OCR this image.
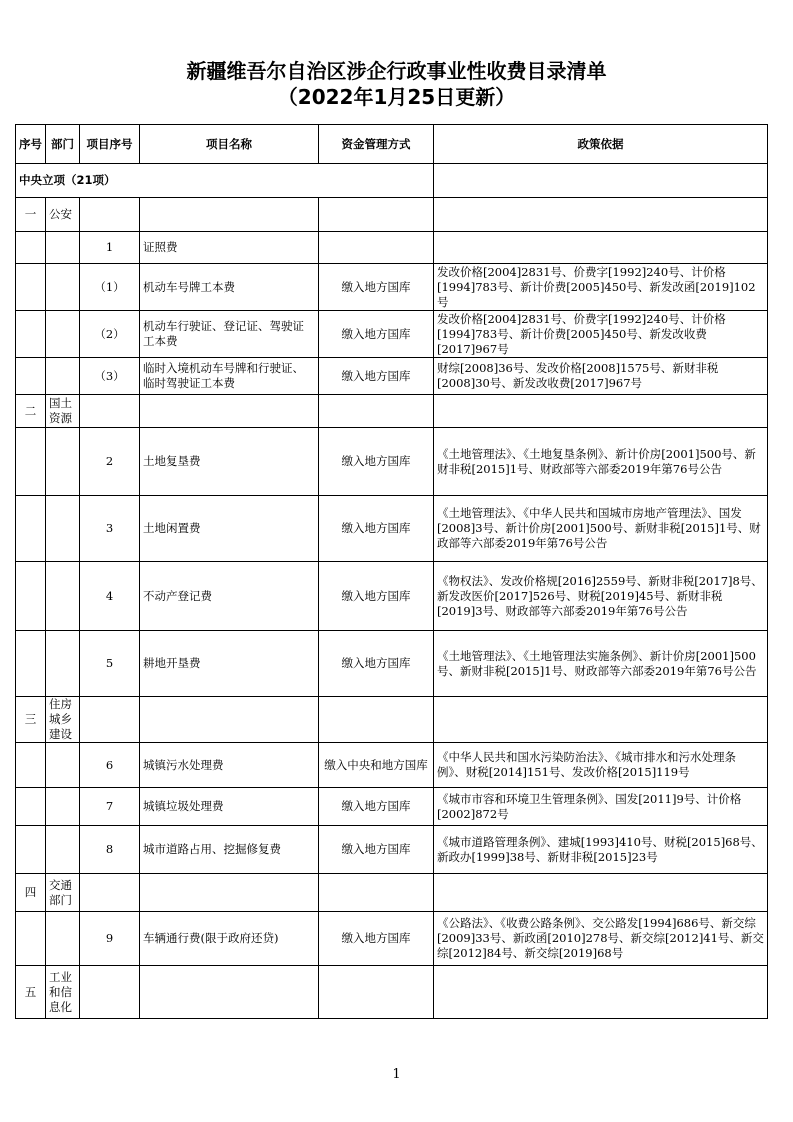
新疆维吾尔自治区涉企行政事业性收费目录清单
（2022年1月25日更新）
序号	部门	项目序号	项目名称	资金管理方式	政策依据
中央立项（21项）					
一	公安				
		1	证照费		
		（1）	机动车号牌工本费	缴入地方国库	发改价格[2004]2831号、价费字[1992]240号、计价格[1994]783号、新计价费[2005]450号、新发改函[2019]102号
		（2）	机动车行驶证、登记证、驾驶证工本费	缴入地方国库	发改价格[2004]2831号、价费字[1992]240号、计价格[1994]783号、新计价费[2005]450号、新发改收费[2017]967号
		（3）	临时入境机动车号牌和行驶证、临时驾驶证工本费	缴入地方国库	财综[2008]36号、发改价格[2008]1575号、新财非税[2008]30号、新发改收费[2017]967号
二	国土资源				
		2	土地复垦费	缴入地方国库	《土地管理法》、《土地复垦条例》、新计价房[2001]500号、新财非税[2015]1号、财政部等六部委2019年第76号公告
		3	土地闲置费	缴入地方国库	《土地管理法》、《中华人民共和国城市房地产管理法》、国发[2008]3号、新计价房[2001]500号、新财非税[2015]1号、财政部等六部委2019年第76号公告
		4	不动产登记费	缴入地方国库	《物权法》、发改价格规[2016]2559号、新财非税[2017]8号、新发改医价[2017]526号、财税[2019]45号、新财非税[2019]3号、财政部等六部委2019年第76号公告
		5	耕地开垦费	缴入地方国库	《土地管理法》、《土地管理法实施条例》、新计价房[2001]500号、新财非税[2015]1号、财政部等六部委2019年第76号公告
三	住房城乡建设				
		6	城镇污水处理费	缴入中央和地方国库	《中华人民共和国水污染防治法》、《城市排水和污水处理条例》、财税[2014]151号、发改价格[2015]119号
		7	城镇垃圾处理费	缴入地方国库	《城市市容和环境卫生管理条例》、国发[2011]9号、计价格[2002]872号
		8	城市道路占用、挖掘修复费	缴入地方国库	《城市道路管理条例》、建城[1993]410号、财税[2015]68号、新政办[1999]38号、新财非税[2015]23号
四	交通部门				
		9	车辆通行费(限于政府还贷)	缴入地方国库	《公路法》、《收费公路条例》、交公路发[1994]686号、新交综[2009]33号、新政函[2010]278号、新交综[2012]41号、新交综[2012]84号、新交综[2019]68号
五	工业和信息化				
1
